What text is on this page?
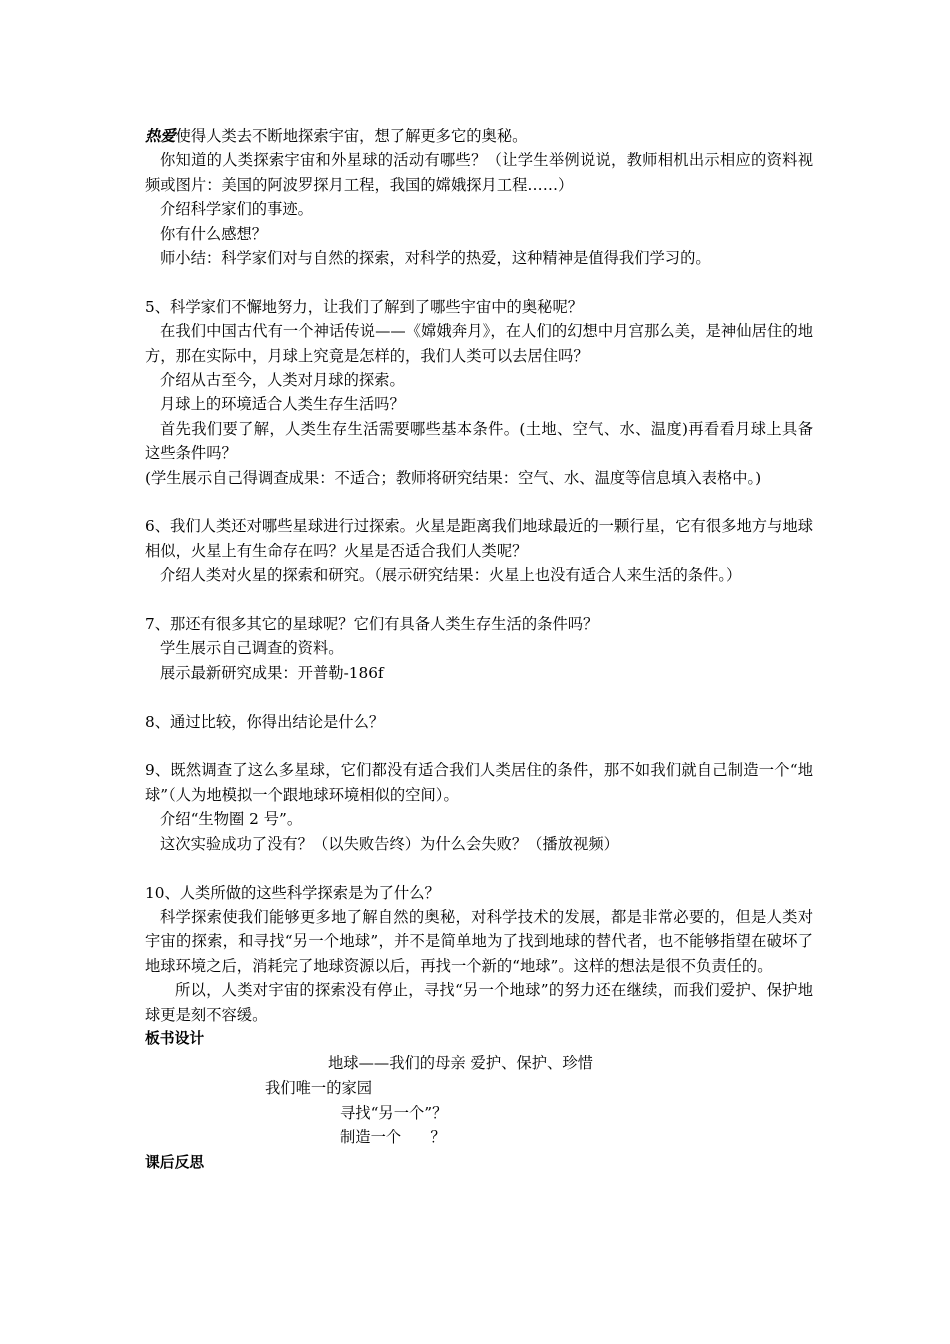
热爱使得人类去不断地探索宇宙，想了解更多它的奥秘。

你知道的人类探索宇宙和外星球的活动有哪些？（让学生举例说说，教师相机出示相应的资料视频或图片：美国的阿波罗探月工程，我国的嫦娥探月工程……）

介绍科学家们的事迹。

你有什么感想？

师小结：科学家们对与自然的探索，对科学的热爱，这种精神是值得我们学习的。

5、科学家们不懈地努力，让我们了解到了哪些宇宙中的奥秘呢？

在我们中国古代有一个神话传说——《嫦娥奔月》，在人们的幻想中月宫那么美，是神仙居住的地方，那在实际中，月球上究竟是怎样的，我们人类可以去居住吗？

介绍从古至今，人类对月球的探索。

月球上的环境适合人类生存生活吗？

首先我们要了解，人类生存生活需要哪些基本条件。(土地、空气、水、温度)再看看月球上具备这些条件吗？

(学生展示自己得调查成果：不适合；教师将研究结果：空气、水、温度等信息填入表格中。)

6、我们人类还对哪些星球进行过探索。火星是距离我们地球最近的一颗行星，它有很多地方与地球相似，火星上有生命存在吗？火星是否适合我们人类呢？

介绍人类对火星的探索和研究。（展示研究结果：火星上也没有适合人来生活的条件。）

7、那还有很多其它的星球呢？它们有具备人类生存生活的条件吗？

学生展示自己调查的资料。

展示最新研究成果：开普勒-186f

8、通过比较，你得出结论是什么？

9、既然调查了这么多星球，它们都没有适合我们人类居住的条件，那不如我们就自己制造一个“地球”（人为地模拟一个跟地球环境相似的空间）。

介绍“生物圈 2 号”。

这次实验成功了没有？（以失败告终）为什么会失败？（播放视频）

10、人类所做的这些科学探索是为了什么？

科学探索使我们能够更多地了解自然的奥秘，对科学技术的发展，都是非常必要的，但是人类对宇宙的探索，和寻找“另一个地球”，并不是简单地为了找到地球的替代者，也不能够指望在破坏了地球环境之后，消耗完了地球资源以后，再找一个新的“地球”。这样的想法是很不负责任的。

所以，人类对宇宙的探索没有停止，寻找“另一个地球”的努力还在继续，而我们爱护、保护地球更是刻不容缓。

板书设计

地球——我们的母亲 爱护、保护、珍惜
我们唯一的家园
寻找“另一个”？
制造一个      ？

课后反思
